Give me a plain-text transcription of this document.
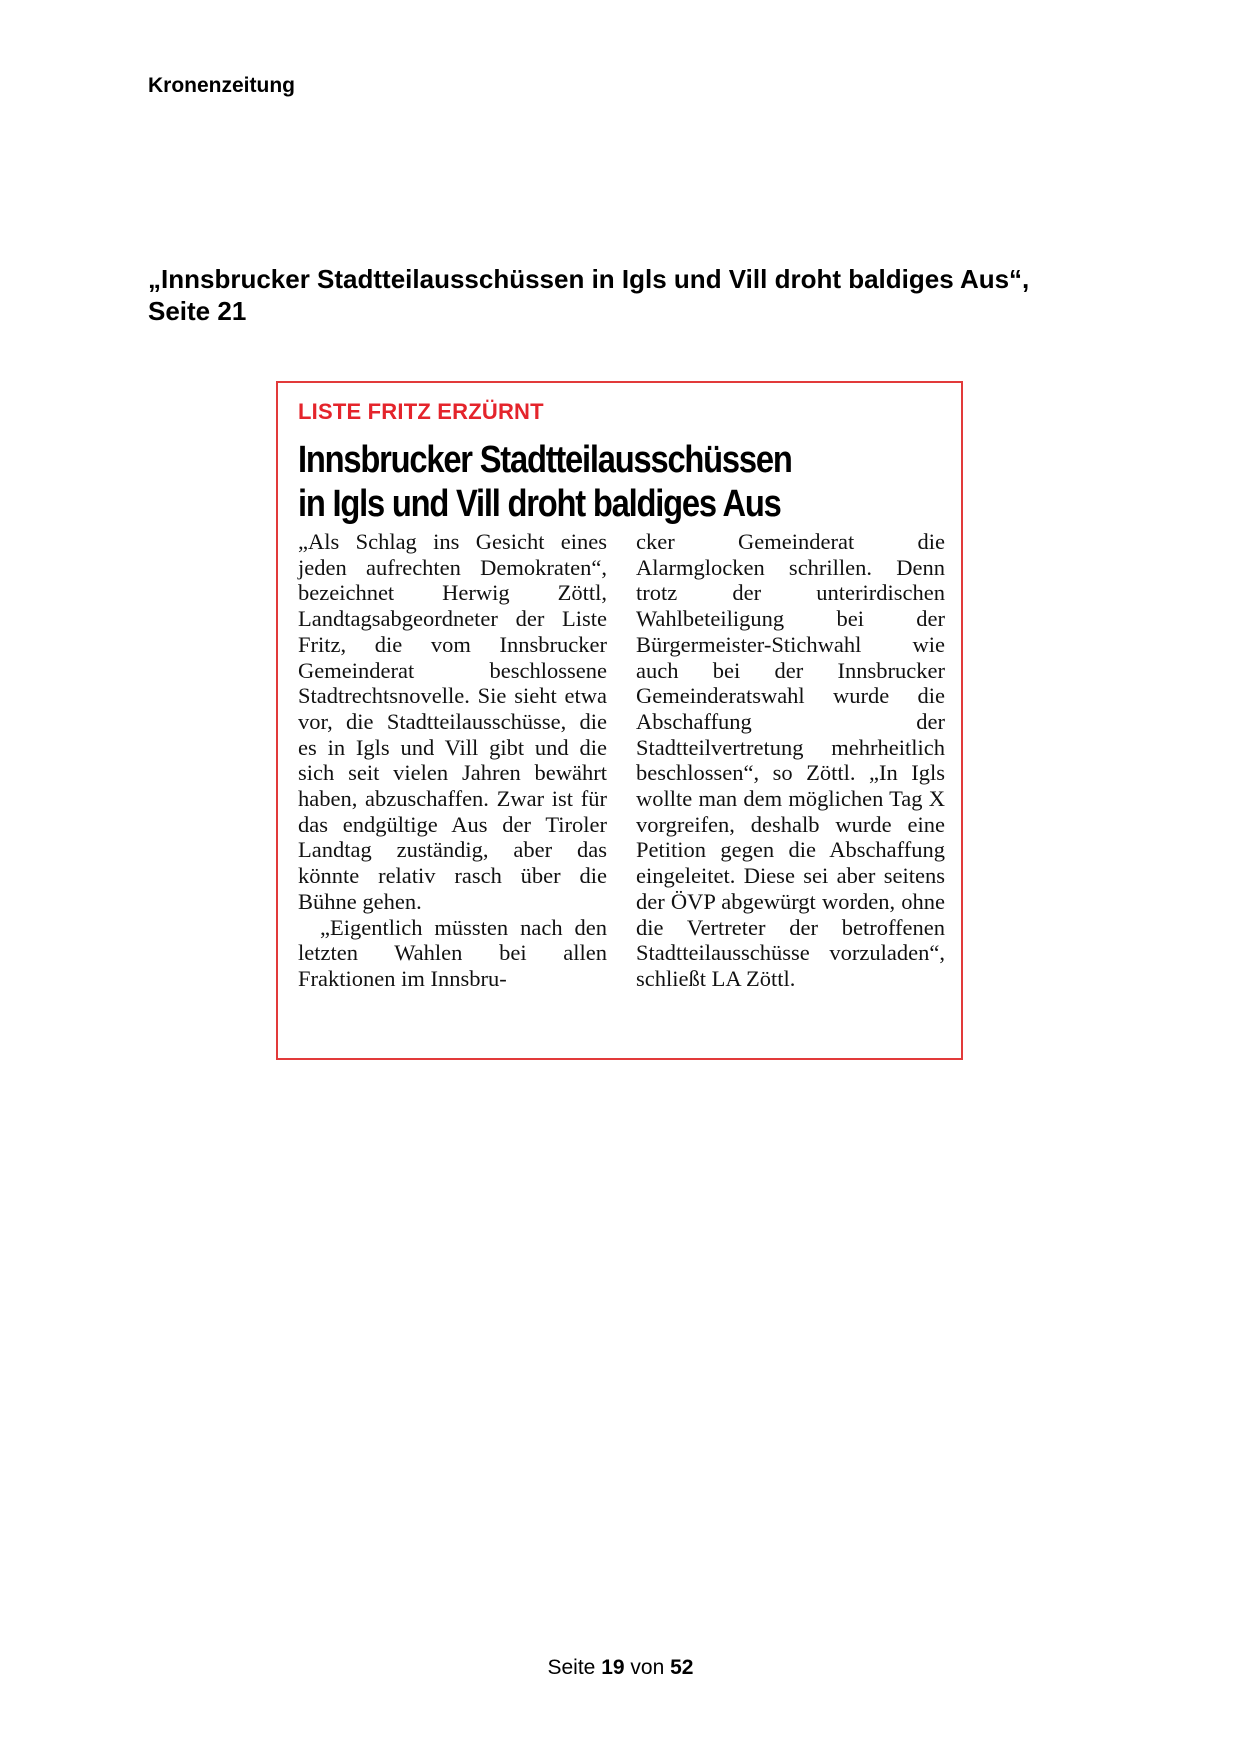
Kronenzeitung
„Innsbrucker Stadtteilausschüssen in Igls und Vill droht baldiges Aus“,
Seite 21
LISTE FRITZ ERZÜRNT
Innsbrucker Stadtteilausschüssen
in Igls und Vill droht baldiges Aus

„Als Schlag ins Gesicht eines jeden aufrechten Demokraten“, bezeichnet Herwig Zöttl, Landtagsabgeordneter der Liste Fritz, die vom Innsbrucker Gemeinderat beschlossene Stadtrechtsnovelle. Sie sieht etwa vor, die Stadtteilausschüsse, die es in Igls und Vill gibt und die sich seit vielen Jahren bewährt haben, abzuschaffen. Zwar ist für das endgültige Aus der Tiroler Landtag zuständig, aber das könnte relativ rasch über die Bühne gehen.

„Eigentlich müssten nach den letzten Wahlen bei allen Fraktionen im Innsbru-

cker Gemeinderat die Alarmglocken schrillen. Denn trotz der unterirdischen Wahlbeteiligung bei der Bürgermeister-Stichwahl wie auch bei der Innsbrucker Gemeinderatswahl wurde die Abschaffung der Stadtteilvertretung mehrheitlich beschlossen“, so Zöttl. „In Igls wollte man dem möglichen Tag X vorgreifen, deshalb wurde eine Petition gegen die Abschaffung eingeleitet. Diese sei aber seitens der ÖVP abgewürgt worden, ohne die Vertreter der betroffenen Stadtteilausschüsse vorzuladen“, schließt LA Zöttl.

Seite 19 von 52
